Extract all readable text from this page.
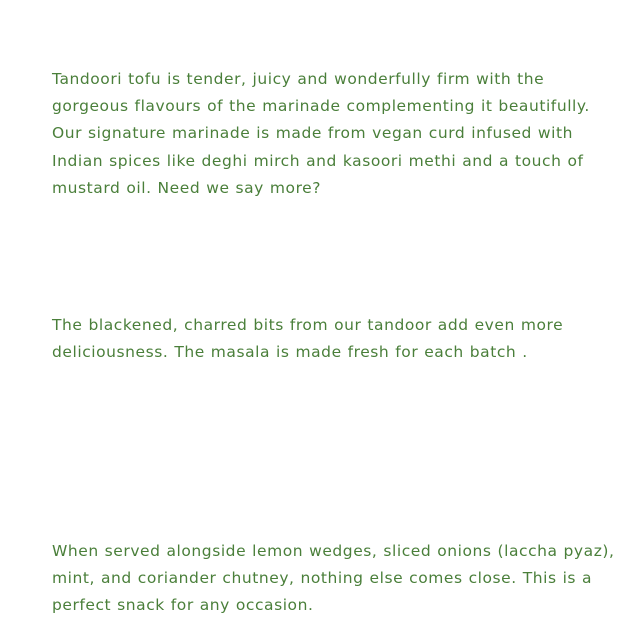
Tandoori tofu is tender, juicy and wonderfully firm with the
gorgeous flavours of the marinade complementing it beautifully.
Our signature marinade is made from vegan curd infused with
Indian spices like deghi mirch and kasoori methi and a touch of
mustard oil. Need we say more?

The blackened, charred bits from our tandoor add even more
deliciousness. The masala is made fresh for each batch .

When served alongside lemon wedges, sliced onions (laccha pyaz),
mint, and coriander chutney, nothing else comes close. This is a
perfect snack for any occasion.
